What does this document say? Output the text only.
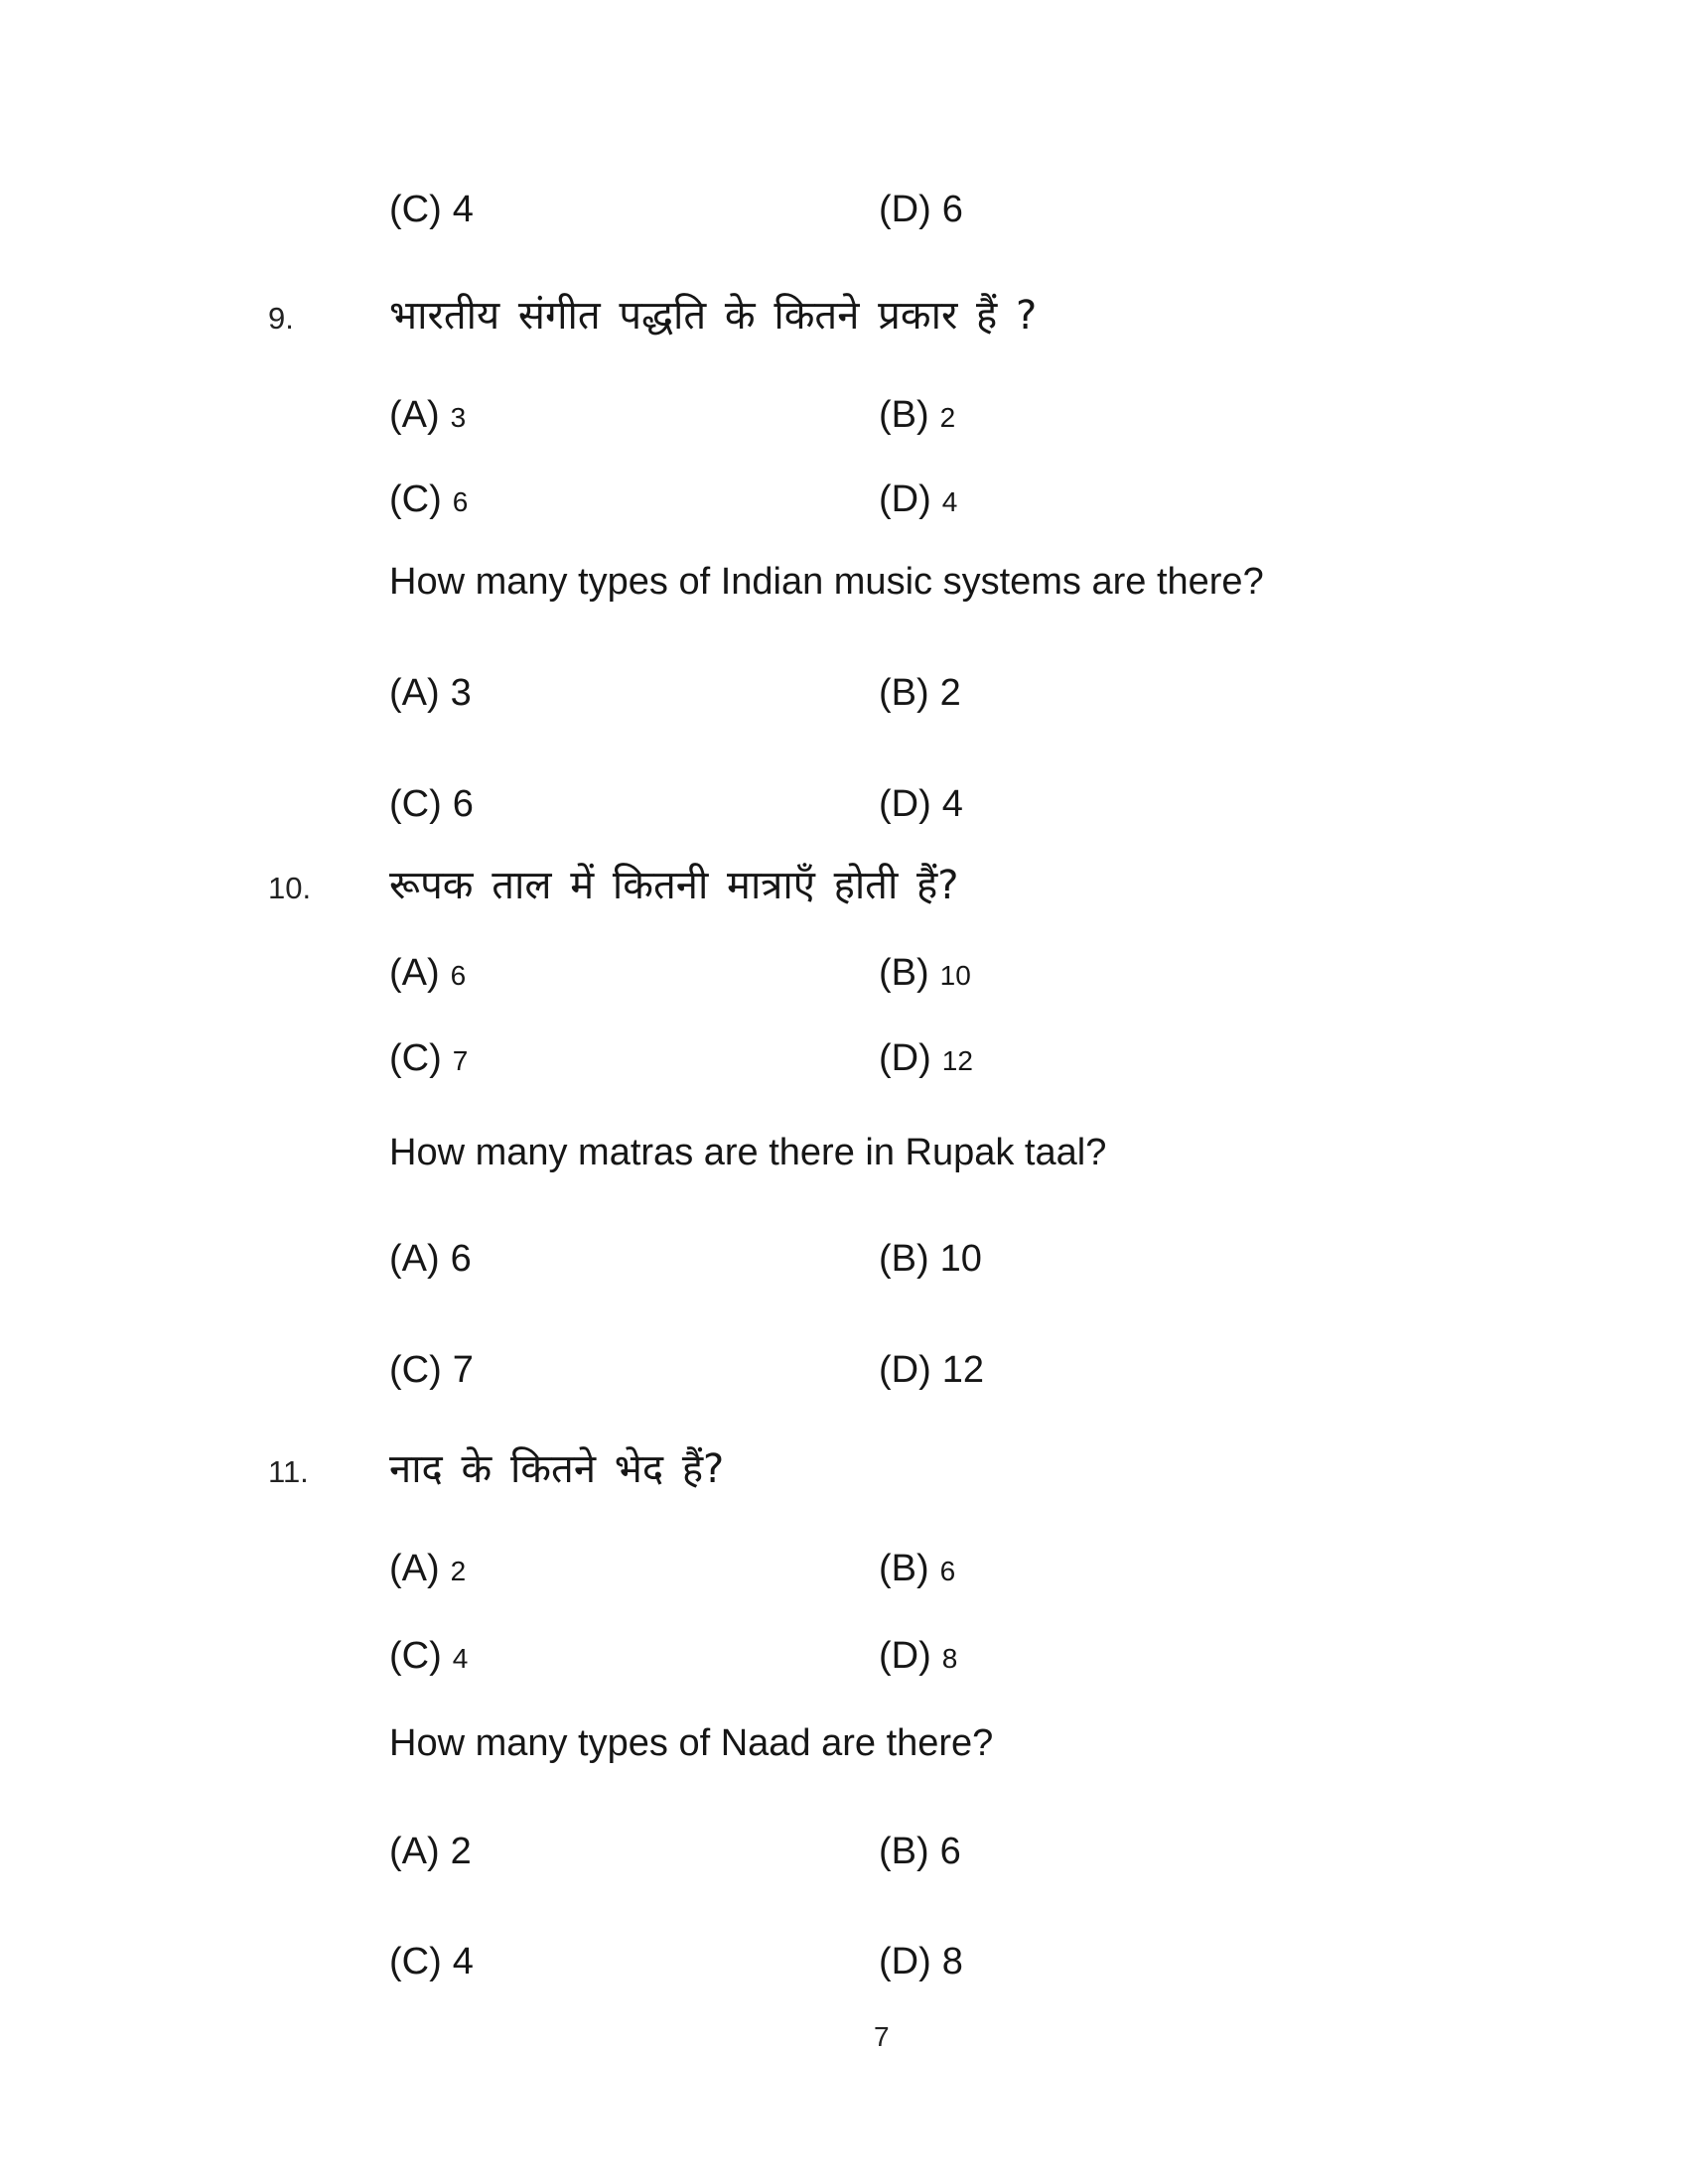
(C) 4	(D) 6
9. भारतीय संगीत पद्धति के कितने प्रकार हैं ?
(A) 3	(B) 2
(C) 6	(D) 4
How many types of Indian music systems are there?
(A) 3	(B) 2
(C) 6	(D) 4
10. रूपक ताल में कितनी मात्राएँ होती हैं?
(A) 6	(B) 10
(C) 7	(D) 12
How many matras are there in Rupak taal?
(A) 6	(B) 10
(C) 7	(D) 12
11. नाद के कितने भेद हैं?
(A) 2	(B) 6
(C) 4	(D) 8
How many types of Naad are there?
(A) 2	(B) 6
(C) 4	(D) 8
7
